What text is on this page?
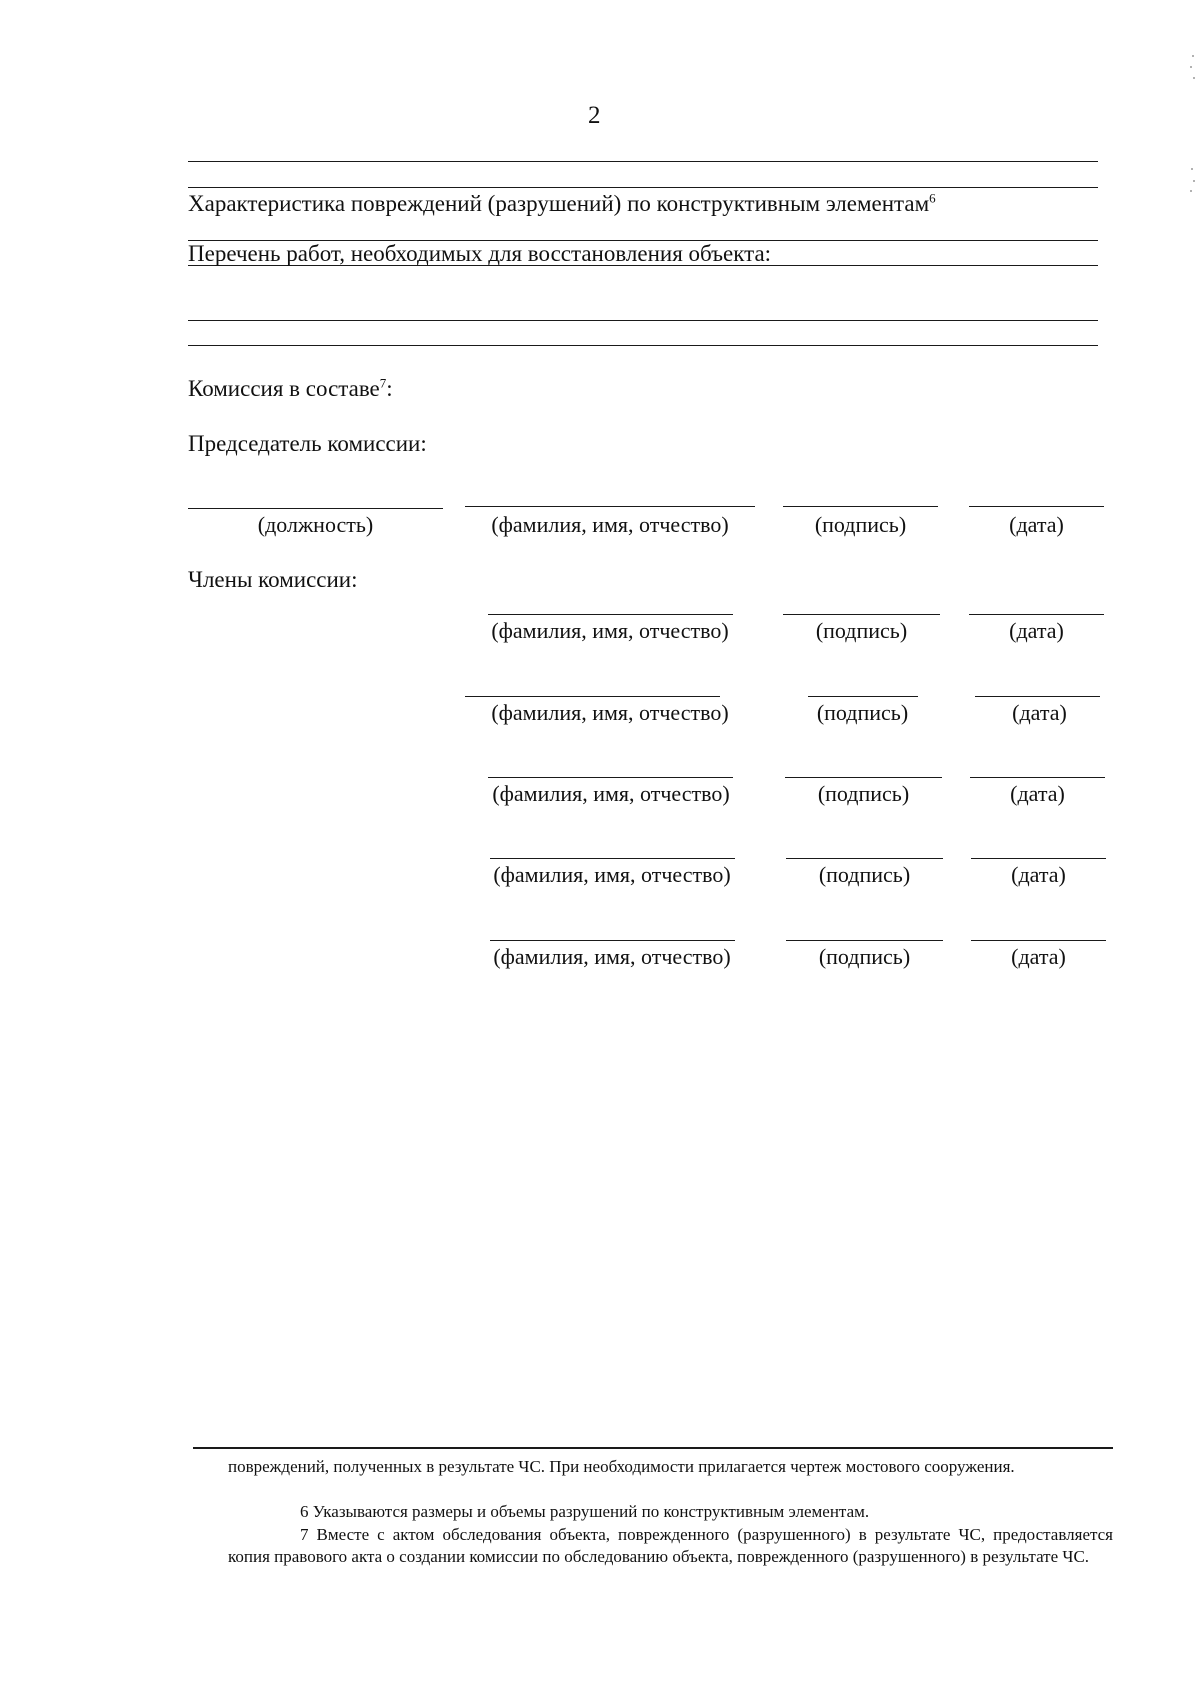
2
Характеристика повреждений (разрушений) по конструктивным элементам$^6$
Перечень работ, необходимых для восстановления объекта:
Комиссия в составе$^7$:
Председатель комиссии:
(должность)	(фамилия, имя, отчество)	(подпись)	(дата)
Члены комиссии:
(фамилия, имя, отчество)	(подпись)	(дата)
(фамилия, имя, отчество)	(подпись)	(дата)
(фамилия, имя, отчество)	(подпись)	(дата)
(фамилия, имя, отчество)	(подпись)	(дата)
(фамилия, имя, отчество)	(подпись)	(дата)
повреждений, полученных в результате ЧС. При необходимости прилагается чертеж мостового сооружения.
6 Указываются размеры и объемы разрушений по конструктивным элементам.
7 Вместе с актом обследования объекта, поврежденного (разрушенного) в результате ЧС, предоставляется копия правового акта о создании комиссии по обследованию объекта, поврежденного (разрушенного) в результате ЧС.
